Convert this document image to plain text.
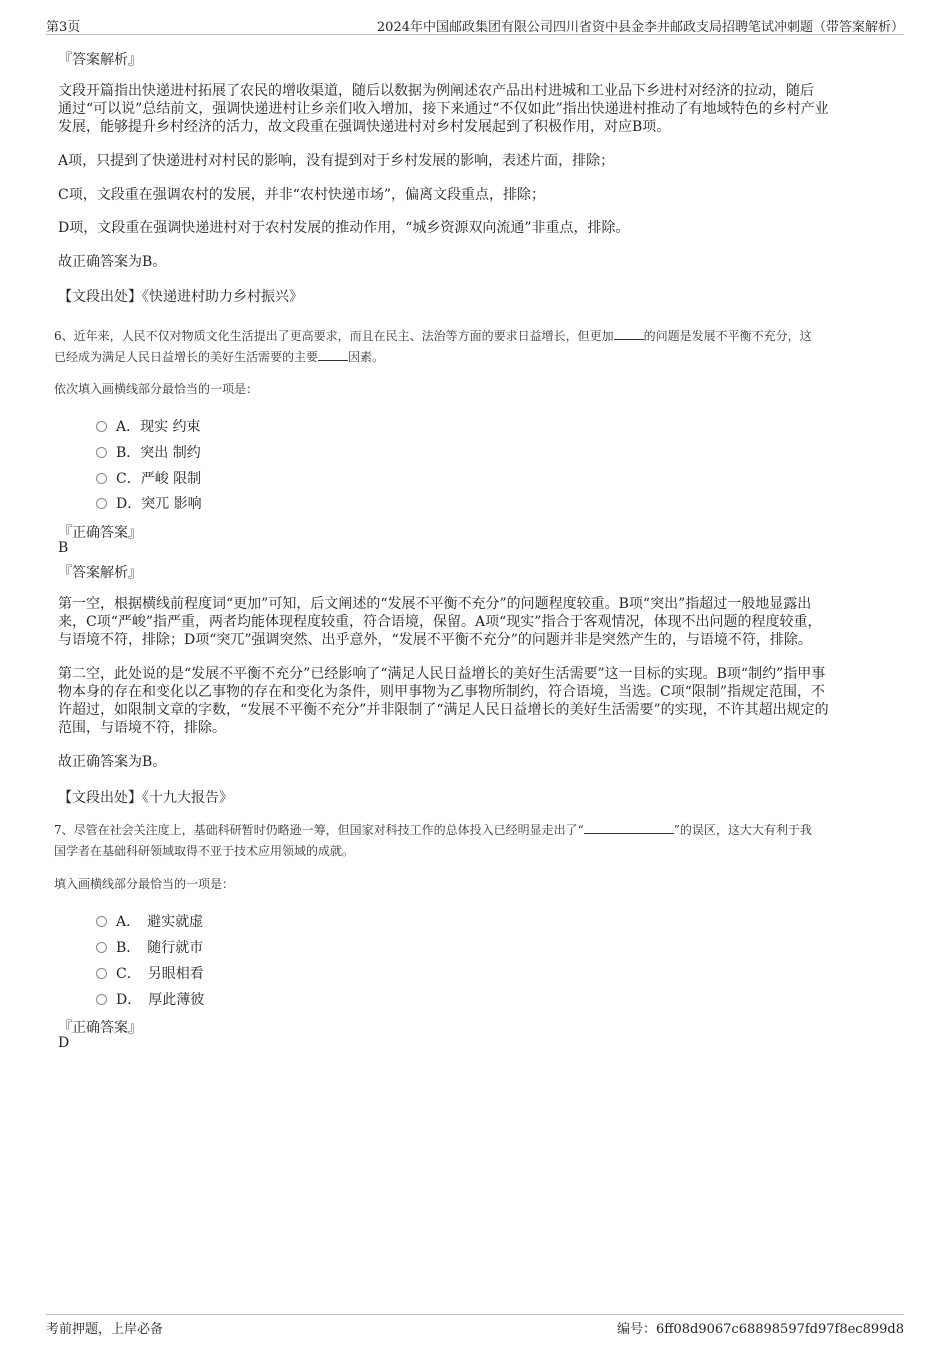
第3页	2024年中国邮政集团有限公司四川省资中县金李井邮政支局招聘笔试冲刺题（带答案解析）
『答案解析』
文段开篇指出快递进村拓展了农民的增收渠道，随后以数据为例阐述农产品出村进城和工业品下乡进村对经济的拉动，随后
通过“可以说”总结前文，强调快递进村让乡亲们收入增加，接下来通过“不仅如此”指出快递进村推动了有地域特色的乡村产业
发展，能够提升乡村经济的活力，故文段重在强调快递进村对乡村发展起到了积极作用，对应B项。
A项，只提到了快递进村对村民的影响，没有提到对于乡村发展的影响，表述片面，排除；
C项，文段重在强调农村的发展，并非“农村快递市场”，偏离文段重点，排除；
D项，文段重在强调快递进村对于农村发展的推动作用，“城乡资源双向流通”非重点，排除。
故正确答案为B。
【文段出处】《快递进村助力乡村振兴》
6、近年来，人民不仅对物质文化生活提出了更高要求，而且在民主、法治等方面的要求日益增长，但更加	的问题是发展不平衡不充分，这
已经成为满足人民日益增长的美好生活需要的主要	因素。
依次填入画横线部分最恰当的一项是：
A．现实 约束
B．突出 制约
C．严峻 限制
D．突兀 影响
『正确答案』
B
『答案解析』
第一空，根据横线前程度词“更加”可知，后文阐述的“发展不平衡不充分”的问题程度较重。B项“突出”指超过一般地显露出
来，C项“严峻”指严重，两者均能体现程度较重，符合语境，保留。A项“现实”指合于客观情况，体现不出问题的程度较重，
与语境不符，排除；D项“突兀”强调突然、出乎意外，“发展不平衡不充分”的问题并非是突然产生的，与语境不符，排除。
第二空，此处说的是“发展不平衡不充分”已经影响了“满足人民日益增长的美好生活需要”这一目标的实现。B项“制约”指甲事
物本身的存在和变化以乙事物的存在和变化为条件，则甲事物为乙事物所制约，符合语境，当选。C项“限制”指规定范围，不
许超过，如限制文章的字数，“发展不平衡不充分”并非限制了“满足人民日益增长的美好生活需要”的实现，不许其超出规定的
范围，与语境不符，排除。
故正确答案为B。
【文段出处】《十九大报告》
7、尽管在社会关注度上，基础科研暂时仍略逊一筹，但国家对科技工作的总体投入已经明显走出了“	”的误区，这大大有利于我
国学者在基础科研领域取得不亚于技术应用领域的成就。
填入画横线部分最恰当的一项是：
A．　避实就虚
B．　随行就市
C．　另眼相看
D．　厚此薄彼
『正确答案』
D
考前押题，上岸必备	编号：6ff08d9067c68898597fd97f8ec899d8
